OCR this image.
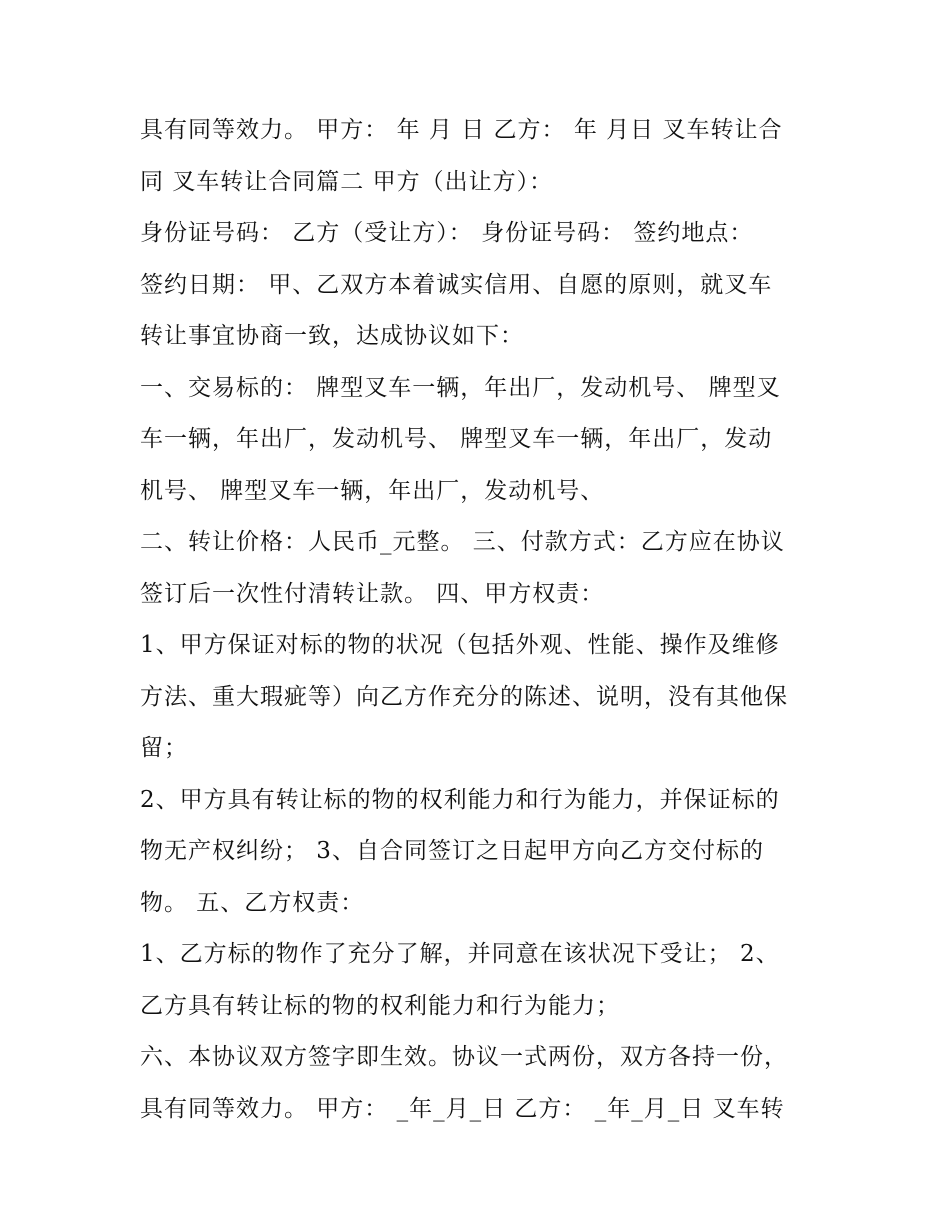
具有同等效力。 甲方： 年 月 日 乙方： 年 月日 叉车转让合
同 叉车转让合同篇二 甲方（出让方）：
身份证号码： 乙方（受让方）： 身份证号码： 签约地点：
签约日期： 甲、乙双方本着诚实信用、自愿的原则，就叉车
转让事宜协商一致，达成协议如下：
一、交易标的： 牌型叉车一辆，年出厂，发动机号、 牌型叉
车一辆，年出厂，发动机号、 牌型叉车一辆，年出厂，发动
机号、 牌型叉车一辆，年出厂，发动机号、
二、转让价格：人民币_元整。 三、付款方式：乙方应在协议
签订后一次性付清转让款。 四、甲方权责：
1、甲方保证对标的物的状况（包括外观、性能、操作及维修
方法、重大瑕疵等）向乙方作充分的陈述、说明，没有其他保
留；
2、甲方具有转让标的物的权利能力和行为能力，并保证标的
物无产权纠纷； 3、自合同签订之日起甲方向乙方交付标的
物。 五、乙方权责：
1、乙方标的物作了充分了解，并同意在该状况下受让； 2、
乙方具有转让标的物的权利能力和行为能力；
六、本协议双方签字即生效。协议一式两份，双方各持一份，
具有同等效力。 甲方： _年_月_日 乙方： _年_月_日 叉车转
